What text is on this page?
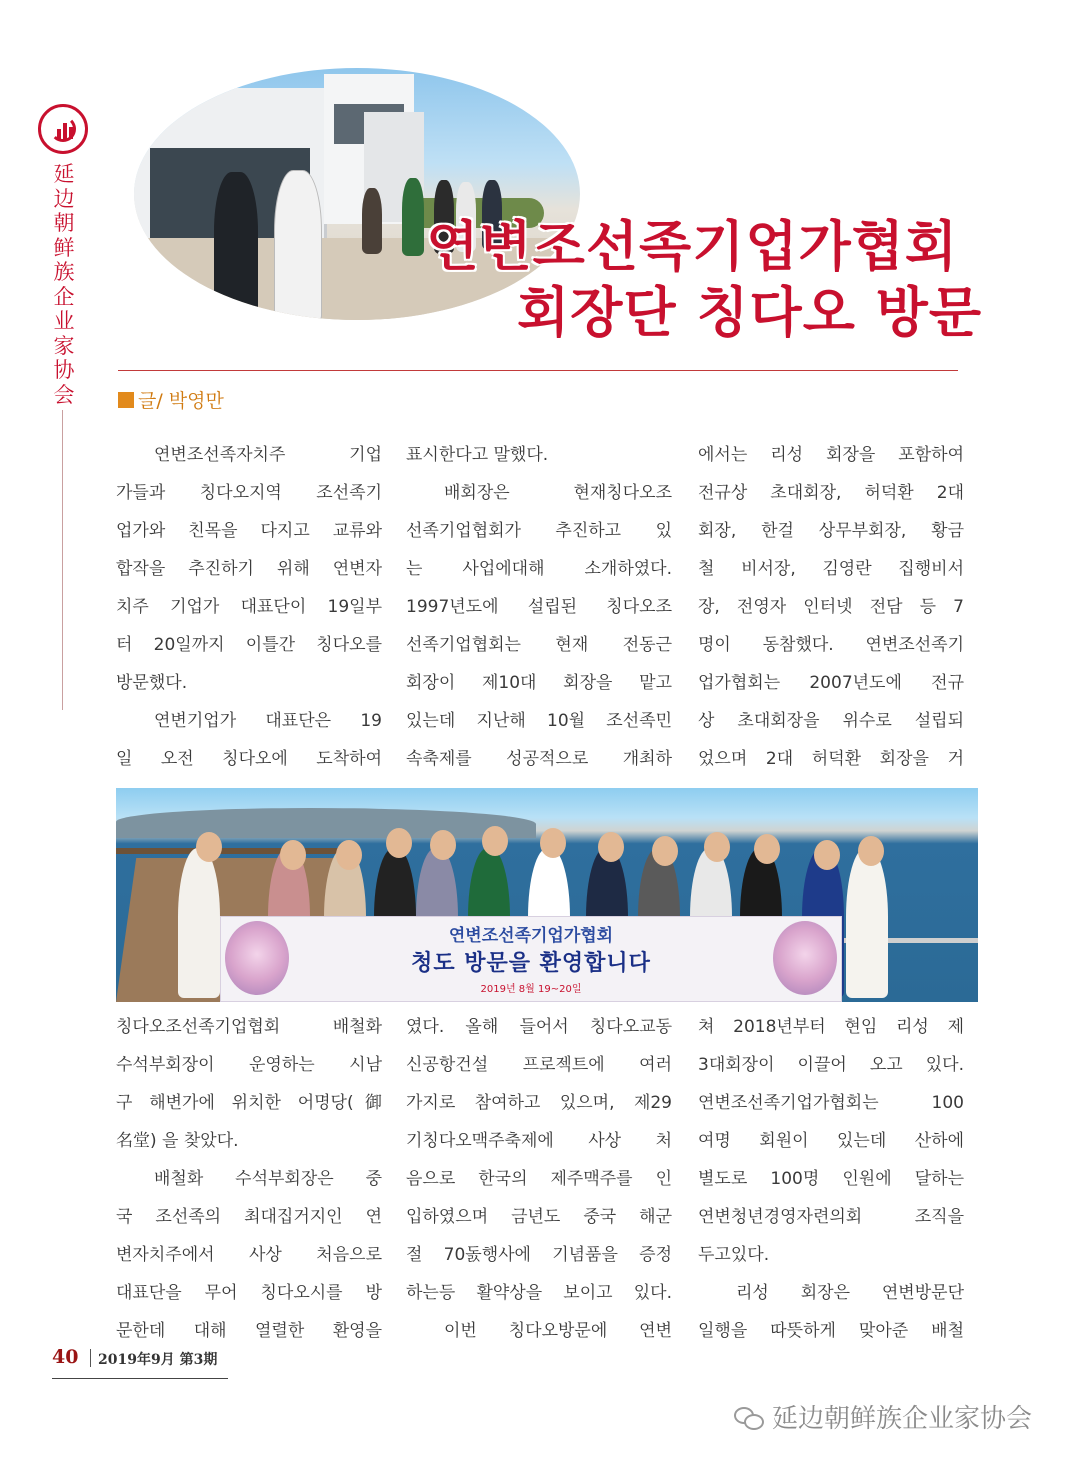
延边朝鲜族企业家协会
연변조선족기업가협회
회장단 칭다오 방문
글/ 박영만

연변조선족자치주 기업

가들과 칭다오지역 조선족기

업가와 친목을 다지고 교류와

합작을 추진하기 위해 연변자

치주 기업가 대표단이 19일부

터 20일까지 이틀간 칭다오를

방문했다.

연변기업가 대표단은 19

일 오전 칭다오에 도착하여

표시한다고 말했다.

배회장은 현재칭다오조

선족기업협회가 추진하고 있

는 사업에대해 소개하였다.

1997년도에 설립된 칭다오조

선족기업협회는 현재 전동근

회장이 제10대 회장을 맡고

있는데 지난해 10월 조선족민

속축제를 성공적으로 개최하

에서는 리성 회장을 포함하여

전규상 초대회장, 허덕환 2대

회장, 한걸 상무부회장, 황금

철 비서장, 김영란 집행비서

장, 전영자 인터넷 전담 등 7

명이 동참했다. 연변조선족기

업가협회는 2007년도에 전규

상 초대회장을 위수로 설립되

었으며 2대 허덕환 회장을 거

연변조선족기업가협회
청도 방문을 환영합니다
2019년 8월 19~20일

칭다오조선족기업협회 배철화

수석부회장이 운영하는 시남

구 해변가에 위치한 어명당(御

名堂) 을 찾았다.

배철화 수석부회장은 중

국 조선족의 최대집거지인 연

변자치주에서 사상 처음으로

대표단을 무어 칭다오시를 방

문한데 대해 열렬한 환영을

였다. 올해 들어서 칭다오교동

신공항건설 프로젝트에 여러

가지로 참여하고 있으며, 제29

기칭다오맥주축제에 사상 처

음으로 한국의 제주맥주를 인

입하였으며 금년도 중국 해군

절 70돐행사에 기념품을 증정

하는등 활약상을 보이고 있다.

이번 칭다오방문에 연변

쳐 2018년부터 현임 리성 제

3대회장이 이끌어 오고 있다.

연변조선족기업가협회는 100

여명 회원이 있는데 산하에

별도로 100명 인원에 달하는

연변청년경영자련의회 조직을

두고있다.

리성 회장은 연변방문단

일행을 따뜻하게 맞아준 배철

40 2019年9月 第3期
延边朝鲜族企业家协会
